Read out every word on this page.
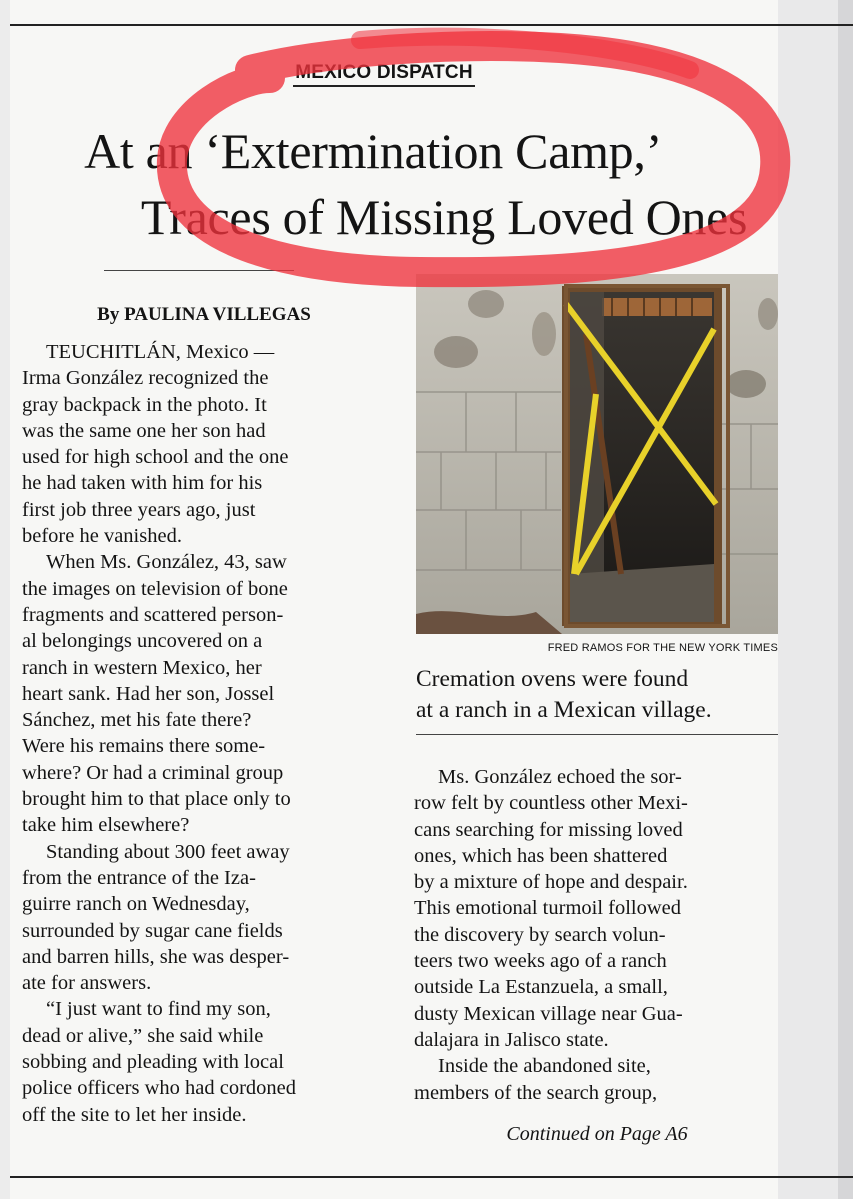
MEXICO DISPATCH
At an ‘Extermination Camp,’
Traces of Missing Loved Ones
By PAULINA VILLEGAS

TEUCHITLÁN, Mexico —
Irma González recognized the
gray backpack in the photo. It
was the same one her son had
used for high school and the one
he had taken with him for his
first job three years ago, just
before he vanished.

When Ms. González, 43, saw
the images on television of bone
fragments and scattered person-
al belongings uncovered on a
ranch in western Mexico, her
heart sank. Had her son, Jossel
Sánchez, met his fate there?
Were his remains there some-
where? Or had a criminal group
brought him to that place only to
take him elsewhere?

Standing about 300 feet away
from the entrance of the Iza-
guirre ranch on Wednesday,
surrounded by sugar cane fields
and barren hills, she was desper-
ate for answers.

“I just want to find my son,
dead or alive,” she said while
sobbing and pleading with local
police officers who had cordoned
off the site to let her inside.

FRED RAMOS FOR THE NEW YORK TIMES
Cremation ovens were found
at a ranch in a Mexican village.

Ms. González echoed the sor-
row felt by countless other Mexi-
cans searching for missing loved
ones, which has been shattered
by a mixture of hope and despair.
This emotional turmoil followed
the discovery by search volun-
teers two weeks ago of a ranch
outside La Estanzuela, a small,
dusty Mexican village near Gua-
dalajara in Jalisco state.

Inside the abandoned site,
members of the search group,

Continued on Page A6
